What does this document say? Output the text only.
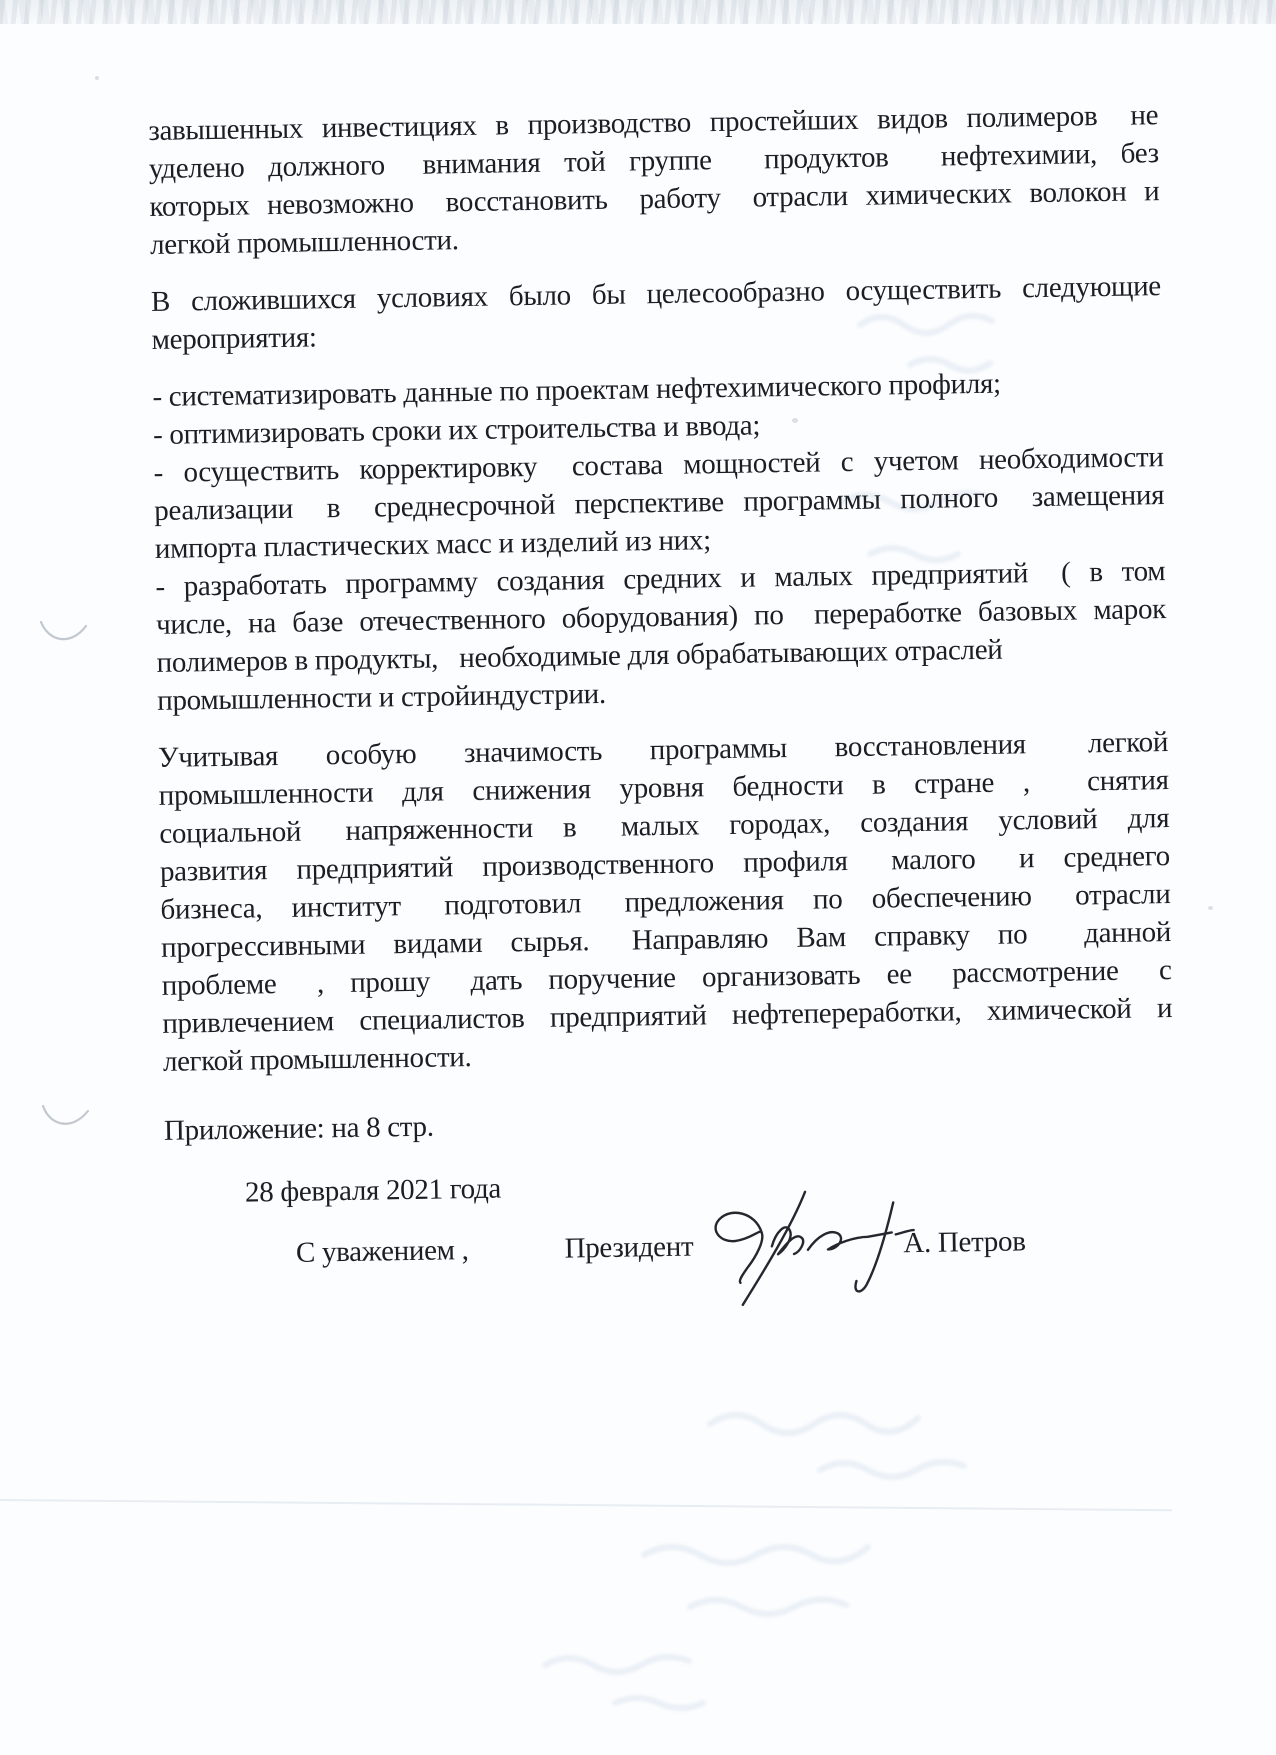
завышенных инвестициях в производство простейших видов полимеров  не
уделено должного  внимания той группе  продуктов  нефтехимии, без
которых невозможно  восстановить  работу  отрасли химических волокон и
легкой промышленности.
В сложившихся условиях было бы целесообразно осуществить следующие
мероприятия:
- систематизировать данные по проектам нефтехимического профиля;
- оптимизировать сроки их строительства и ввода;
- осуществить корректировку  состава мощностей с учетом необходимости
реализации  в  среднесрочной перспективе программы полного  замещения
импорта пластических масс и изделий из них;
- разработать программу создания средних и малых предприятий  ( в том
числе, на базе отечественного оборудования) по  переработке базовых марок
полимеров в продукты,  необходимые для обрабатывающих отраслей
промышленности и стройиндустрии.
Учитывая  особую  значимость  программы  восстановления  легкой
промышленности для снижения уровня бедности в стране ,  снятия
социальной  напряженности в  малых городах, создания условий для
развития предприятий производственного профиля  малого  и среднего
бизнеса, институт  подготовил  предложения по обеспечению  отрасли
прогрессивными видами сырья.  Направляю Вам справку по  данной
проблеме  , прошу  дать поручение организовать ее  рассмотрение  с
привлечением специалистов предприятий нефтепереработки, химической и
легкой промышленности.
Приложение: на 8 стр.
28 февраля 2021 года
С уважением ,	Президент	А. Петров
